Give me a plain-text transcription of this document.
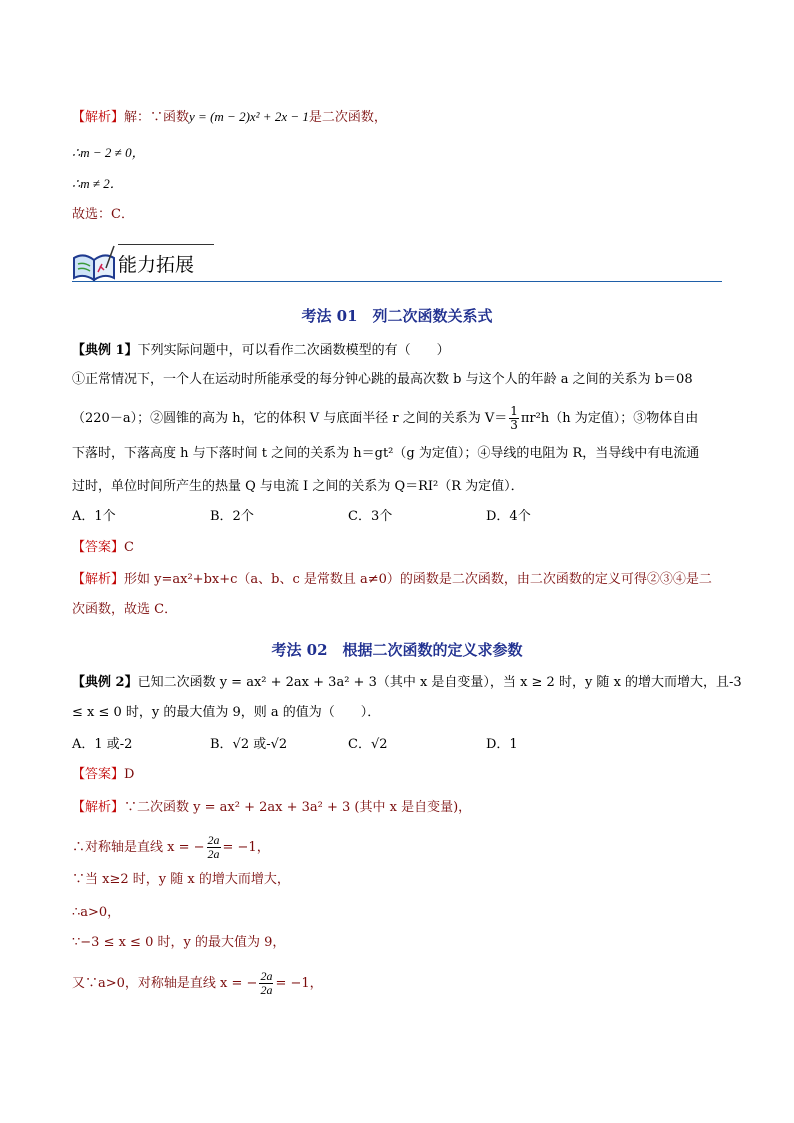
【解析】解：∵函数y = (m − 2)x² + 2x − 1是二次函数，
∴m − 2 ≠ 0，
∴m ≠ 2．
故选：C．
能力拓展
考法 01　列二次函数关系式
【典例 1】下列实际问题中，可以看作二次函数模型的有（　　）
①正常情况下，一个人在运动时所能承受的每分钟心跳的最高次数 b 与这个人的年龄 a 之间的关系为 b＝08
（220－a）；②圆锥的高为 h，它的体积 V 与底面半径 r 之间的关系为 $V= \frac{1}{3} \pi r^2h(h$ 为定值）；③物体自由
下落时，下落高度 h 与下落时间 t 之间的关系为 h＝gt²（g 为定值）；④导线的电阻为 R，当导线中有电流通
过时，单位时间所产生的热量 Q 与电流 I 之间的关系为 Q＝RI²（R 为定值）．
A．1个	B．2个	C．3个	D．4个
【答案】C
【解析】形如 y=ax²+bx+c（a、b、c 是常数且 a≠0）的函数是二次函数，由二次函数的定义可得②③④是二
次函数，故选 C．
考法 02　根据二次函数的定义求参数
【典例 2】已知二次函数 y = ax² + 2ax + 3a² + 3（其中 x 是自变量），当 x ≥ 2 时，y 随 x 的增大而增大，且-3
≤ x ≤ 0 时，y 的最大值为 9，则 a 的值为（　　）．
A．1 或-2	B．√2 或-√2	C．√2	D．1
【答案】D
【解析】∵二次函数 y = ax² + 2ax + 3a² + 3 (其中 x 是自变量)，
∴对称轴是直线 x = − $\frac{2a}{2a} = -1$，
∵当 x≥2 时，y 随 x 的增大而增大，
∴a>0，
∵−3 ≤ x ≤ 0 时，y 的最大值为 9，
又∵a>0，对称轴是直线 x = − $\frac{2a}{2a} = -1$，
